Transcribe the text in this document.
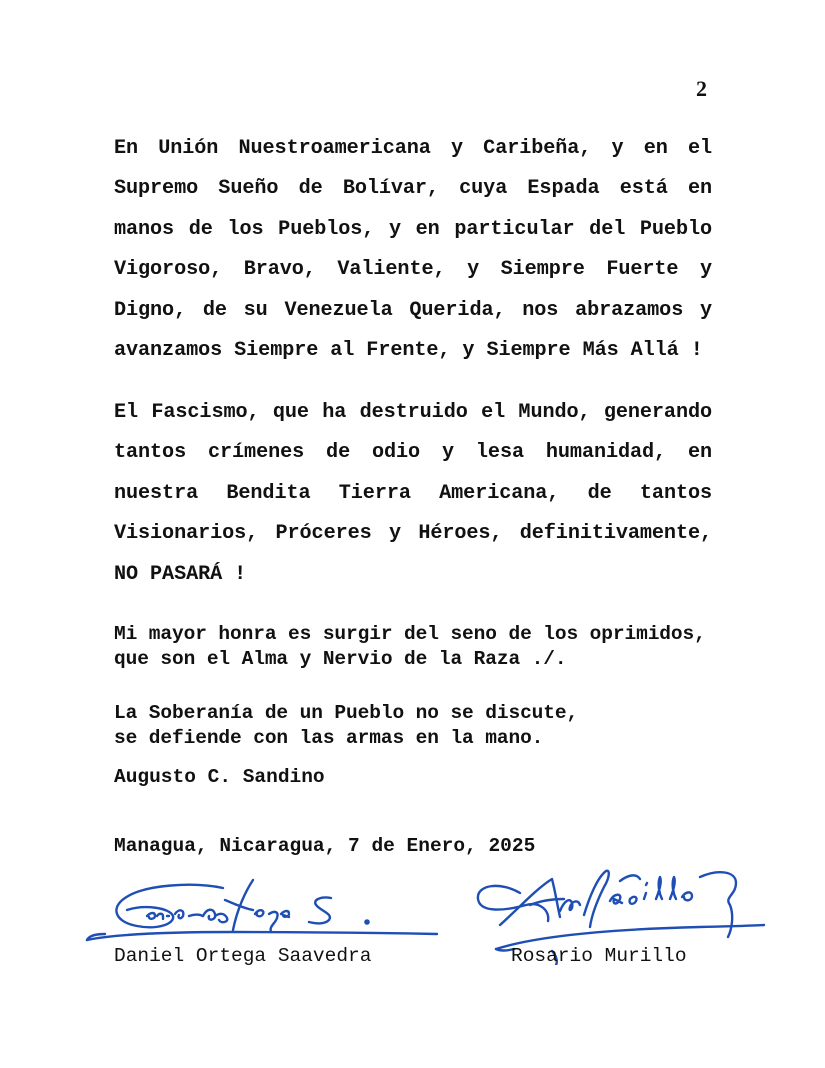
2
En Unión Nuestroamericana y Caribeña, y en el
Supremo Sueño de Bolívar, cuya Espada está en
manos de los Pueblos, y en particular del Pueblo
Vigoroso, Bravo, Valiente, y Siempre Fuerte y
Digno, de su Venezuela Querida, nos abrazamos y
avanzamos Siempre al Frente, y Siempre Más Allá !
El Fascismo, que ha destruido el Mundo, generando
tantos crímenes de odio y lesa humanidad, en
nuestra Bendita Tierra Americana, de tantos
Visionarios, Próceres y Héroes, definitivamente,
NO PASARÁ !
Mi mayor honra es surgir del seno de los oprimidos,
que son el Alma y Nervio de la Raza ./.
La Soberanía de un Pueblo no se discute,
se defiende con las armas en la mano.
Augusto C. Sandino
Managua, Nicaragua, 7 de Enero, 2025
Daniel Ortega Saavedra	Rosario Murillo
